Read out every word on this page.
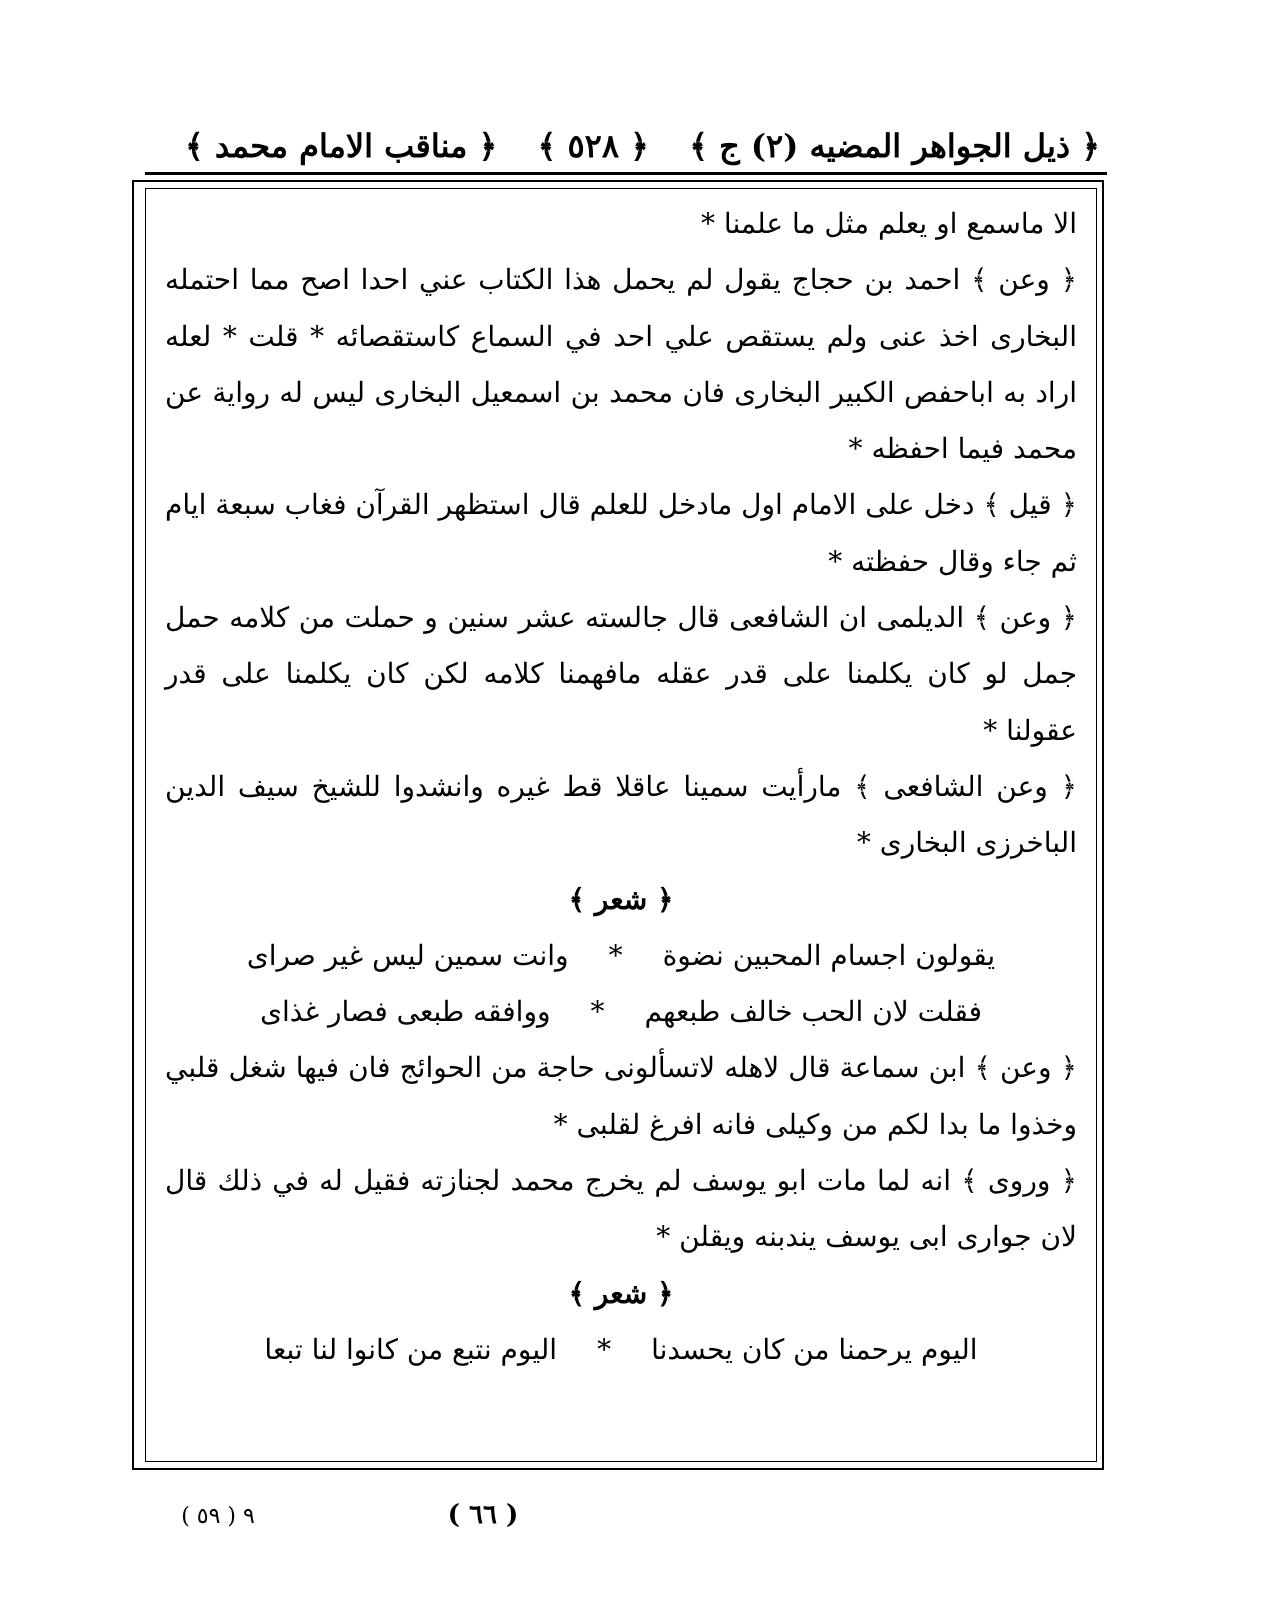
﴿ ذيل الجواهر المضيه (٢) ج ﴾
﴿ ٥٢٨ ﴾
﴿ مناقب الامام محمد ﴾

الا ماسمع او يعلم مثل ما علمنا *

﴿ وعن ﴾ احمد بن حجاج يقول لم يحمل هذا الكتاب عني احدا اصح مما احتمله البخارى اخذ عنى ولم يستقص علي احد في السماع كاستقصائه * قلت * لعله اراد به اباحفص الكبير البخارى فان محمد بن اسمعيل البخارى ليس له رواية عن محمد فيما احفظه *

﴿ قيل ﴾ دخل على الامام اول مادخل للعلم قال استظهر القرآن فغاب سبعة ايام ثم جاء وقال حفظته *

﴿ وعن ﴾ الديلمى ان الشافعى قال جالسته عشر سنين و حملت من كلامه حمل جمل لو كان يكلمنا على قدر عقله مافهمنا كلامه لكن كان يكلمنا على قدر عقولنا *

﴿ وعن الشافعى ﴾ مارأيت سمينا عاقلا قط غيره وانشدوا للشيخ سيف الدين الباخرزى البخارى *

﴿ شعر ﴾
يقولون اجسام المحبين نضوة
*
وانت سمين ليس غير صراى
فقلت لان الحب خالف طبعهم
*
ووافقه طبعى فصار غذاى

﴿ وعن ﴾ ابن سماعة قال لاهله لاتسألونى حاجة من الحوائج فان فيها شغل قلبي وخذوا ما بدا لكم من وكيلى فانه افرغ لقلبى *

﴿ وروى ﴾ انه لما مات ابو يوسف لم يخرج محمد لجنازته فقيل له في ذلك قال لان جوارى ابى يوسف يندبنه ويقلن *

﴿ شعر ﴾
اليوم يرحمنا من كان يحسدنا
*
اليوم نتبع من كانوا لنا تبعا
( ٥٩ ) ٩	( ٦٦ )
